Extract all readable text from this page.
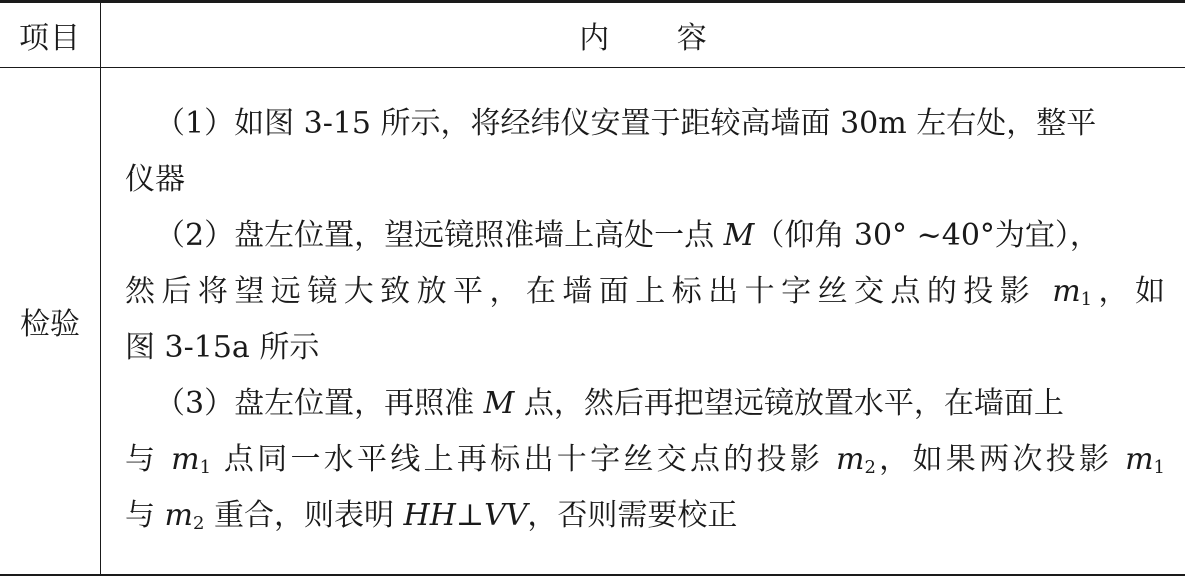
项目	内 容
检验
（1）如图 3-15 所示，将经纬仪安置于距较高墙面 30m 左右处，整平
仪器
（2）盘左位置，望远镜照准墙上高处一点 M（仰角 30° ~40°为宜），
然后将望远镜大致放平，在墙面上标出十字丝交点的投影 $m_1$，如
图 3-15a 所示
（3）盘左位置，再照准 M 点，然后再把望远镜放置水平，在墙面上
与 $m_1$ 点同一水平线上再标出十字丝交点的投影 $m_2$，如果两次投影 $m_1$
与 $m_2$ 重合，则表明 HH⊥VV，否则需要校正
